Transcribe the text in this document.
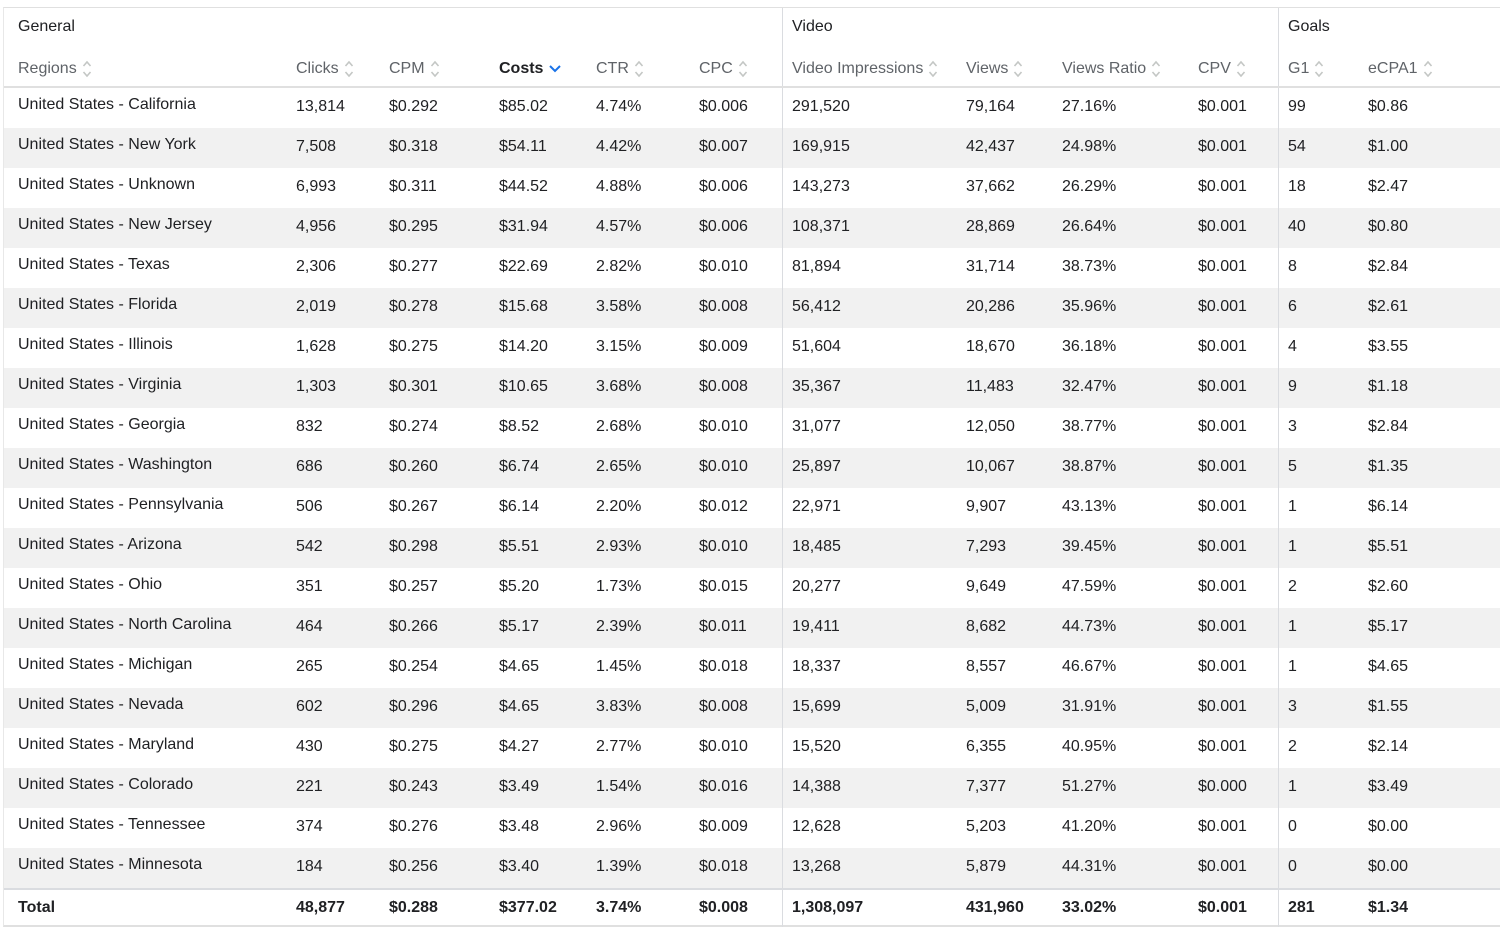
General	Video	Goals
Regions	Clicks	CPM	Costs	CTR	CPC	Video Impressions	Views	Views Ratio	CPV	G1	eCPA1
United States - California	13,814	$0.292	$85.02	4.74%	$0.006	291,520	79,164	27.16%	$0.001	99	$0.86
United States - New York	7,508	$0.318	$54.11	4.42%	$0.007	169,915	42,437	24.98%	$0.001	54	$1.00
United States - Unknown	6,993	$0.311	$44.52	4.88%	$0.006	143,273	37,662	26.29%	$0.001	18	$2.47
United States - New Jersey	4,956	$0.295	$31.94	4.57%	$0.006	108,371	28,869	26.64%	$0.001	40	$0.80
United States - Texas	2,306	$0.277	$22.69	2.82%	$0.010	81,894	31,714	38.73%	$0.001	8	$2.84
United States - Florida	2,019	$0.278	$15.68	3.58%	$0.008	56,412	20,286	35.96%	$0.001	6	$2.61
United States - Illinois	1,628	$0.275	$14.20	3.15%	$0.009	51,604	18,670	36.18%	$0.001	4	$3.55
United States - Virginia	1,303	$0.301	$10.65	3.68%	$0.008	35,367	11,483	32.47%	$0.001	9	$1.18
United States - Georgia	832	$0.274	$8.52	2.68%	$0.010	31,077	12,050	38.77%	$0.001	3	$2.84
United States - Washington	686	$0.260	$6.74	2.65%	$0.010	25,897	10,067	38.87%	$0.001	5	$1.35
United States - Pennsylvania	506	$0.267	$6.14	2.20%	$0.012	22,971	9,907	43.13%	$0.001	1	$6.14
United States - Arizona	542	$0.298	$5.51	2.93%	$0.010	18,485	7,293	39.45%	$0.001	1	$5.51
United States - Ohio	351	$0.257	$5.20	1.73%	$0.015	20,277	9,649	47.59%	$0.001	2	$2.60
United States - North Carolina	464	$0.266	$5.17	2.39%	$0.011	19,411	8,682	44.73%	$0.001	1	$5.17
United States - Michigan	265	$0.254	$4.65	1.45%	$0.018	18,337	8,557	46.67%	$0.001	1	$4.65
United States - Nevada	602	$0.296	$4.65	3.83%	$0.008	15,699	5,009	31.91%	$0.001	3	$1.55
United States - Maryland	430	$0.275	$4.27	2.77%	$0.010	15,520	6,355	40.95%	$0.001	2	$2.14
United States - Colorado	221	$0.243	$3.49	1.54%	$0.016	14,388	7,377	51.27%	$0.000	1	$3.49
United States - Tennessee	374	$0.276	$3.48	2.96%	$0.009	12,628	5,203	41.20%	$0.001	0	$0.00
United States - Minnesota	184	$0.256	$3.40	1.39%	$0.018	13,268	5,879	44.31%	$0.001	0	$0.00
Total	48,877	$0.288	$377.02	3.74%	$0.008	1,308,097	431,960	33.02%	$0.001	281	$1.34
